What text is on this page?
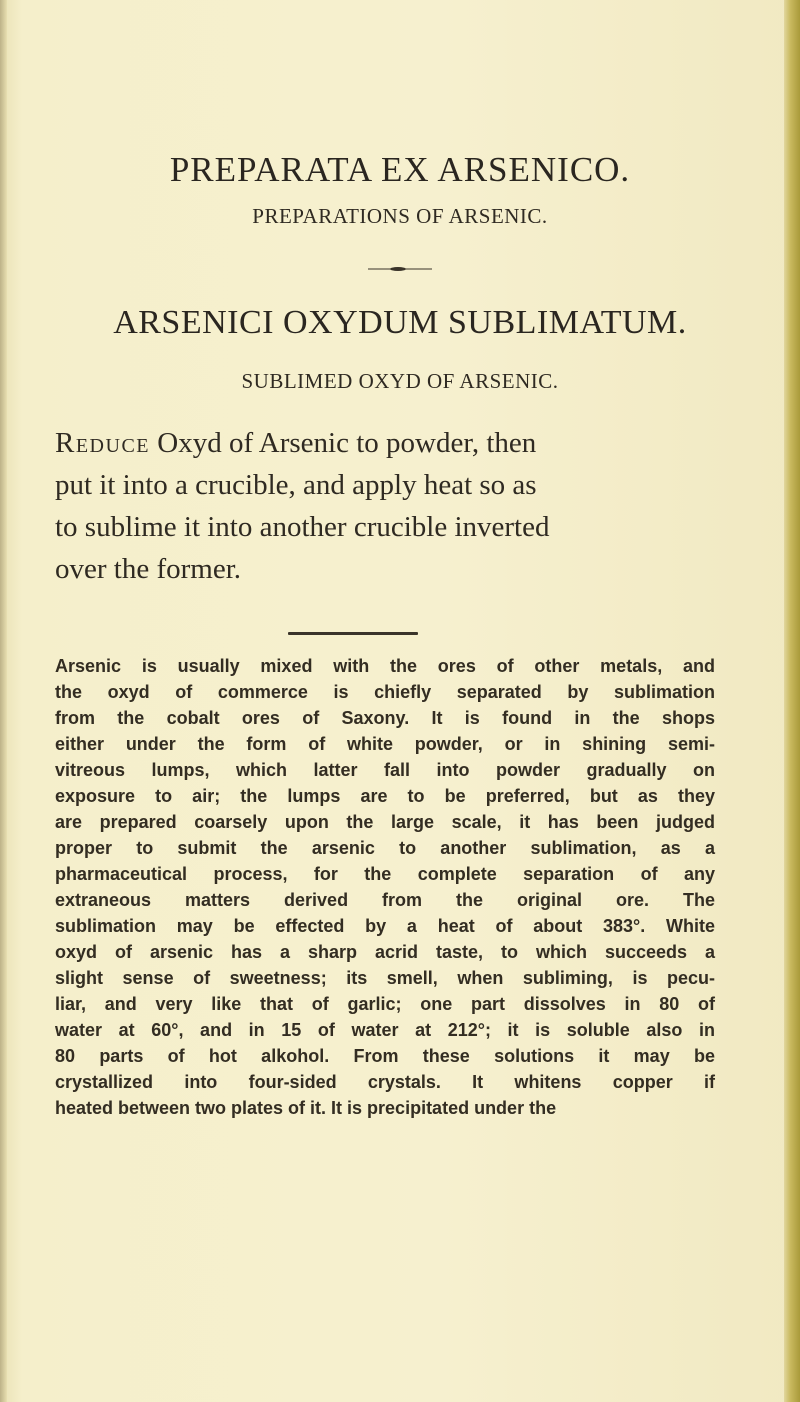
PREPARATA EX ARSENICO.
PREPARATIONS OF ARSENIC.
ARSENICI OXYDUM SUBLIMATUM.
SUBLIMED OXYD OF ARSENIC.
Reduce Oxyd of Arsenic to powder, then
put it into a crucible, and apply heat so as
to sublime it into another crucible inverted
over the former.
Arsenic is usually mixed with the ores of other metals, and
the oxyd of commerce is chiefly separated by sublimation
from the cobalt ores of Saxony. It is found in the shops
either under the form of white powder, or in shining semi-
vitreous lumps, which latter fall into powder gradually on
exposure to air; the lumps are to be preferred, but as they
are prepared coarsely upon the large scale, it has been judged
proper to submit the arsenic to another sublimation, as a
pharmaceutical process, for the complete separation of any
extraneous matters derived from the original ore. The
sublimation may be effected by a heat of about 383°. White
oxyd of arsenic has a sharp acrid taste, to which succeeds a
slight sense of sweetness; its smell, when subliming, is pecu-
liar, and very like that of garlic; one part dissolves in 80 of
water at 60°, and in 15 of water at 212°; it is soluble also in
80 parts of hot alkohol. From these solutions it may be
crystallized into four-sided crystals. It whitens copper if
heated between two plates of it. It is precipitated under the
